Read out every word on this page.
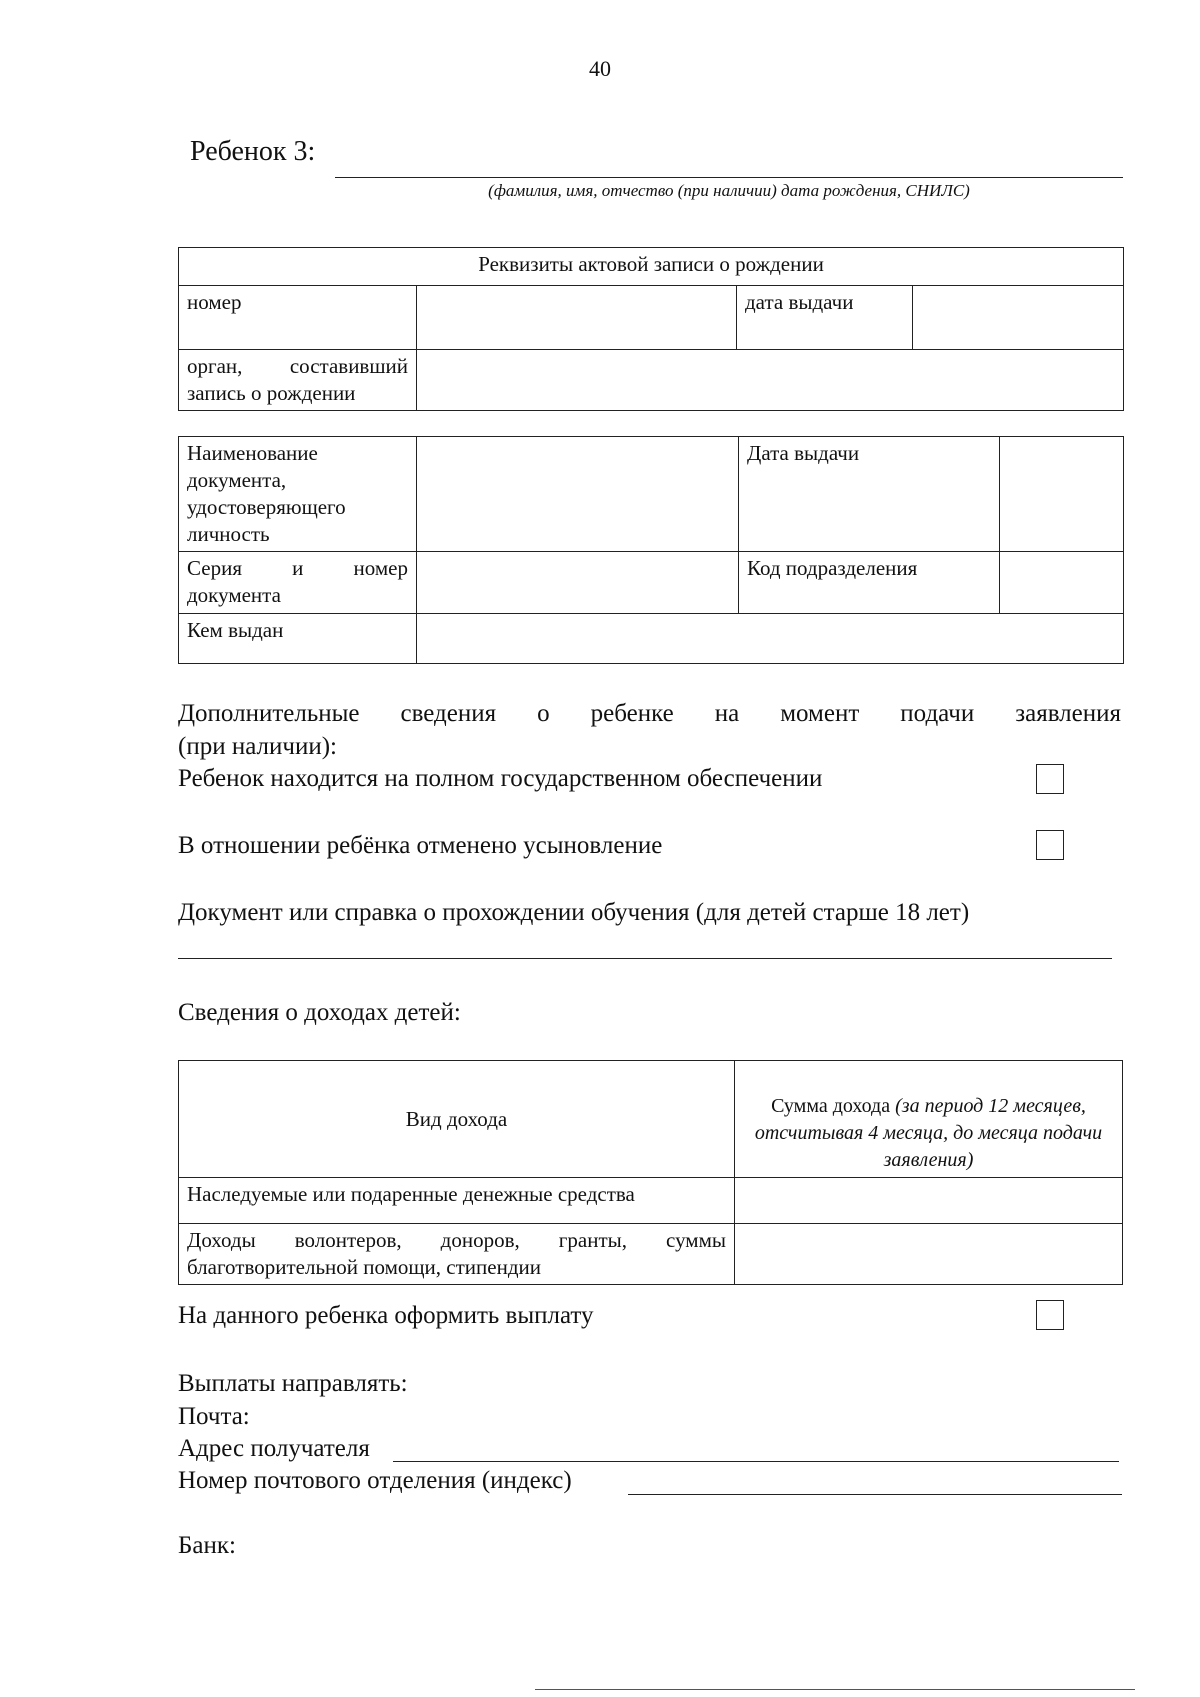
40
Ребенок 3:
(фамилия, имя, отчество (при наличии) дата рождения, СНИЛС)
Реквизиты актовой записи о рождении			
номер		дата выдачи	

орган, составивший
запись о рождении			

Наименование
документа,
удостоверяющего
личность		Дата выдачи	

Серия и номер
документа		Код подразделения	
Кем выдан			
Дополнительные сведения о ребенке на момент подачи заявления
(при наличии):
Ребенок находится на полном государственном обеспечении
В отношении ребёнка отменено усыновление
Документ или справка о прохождении обучения (для детей старше 18 лет)
Сведения о доходах детей:
Вид дохода	Сумма дохода (за период 12 месяцев, отсчитывая 4 месяца, до месяца подачи заявления)
Наследуемые или подаренные денежные средства	

Доходы волонтеров, доноров, гранты, суммы
благотворительной помощи, стипендии	

На данного ребенка оформить выплату
Выплаты направлять:
Почта:
Адрес получателя
Номер почтового отделения (индекс)
Банк:
